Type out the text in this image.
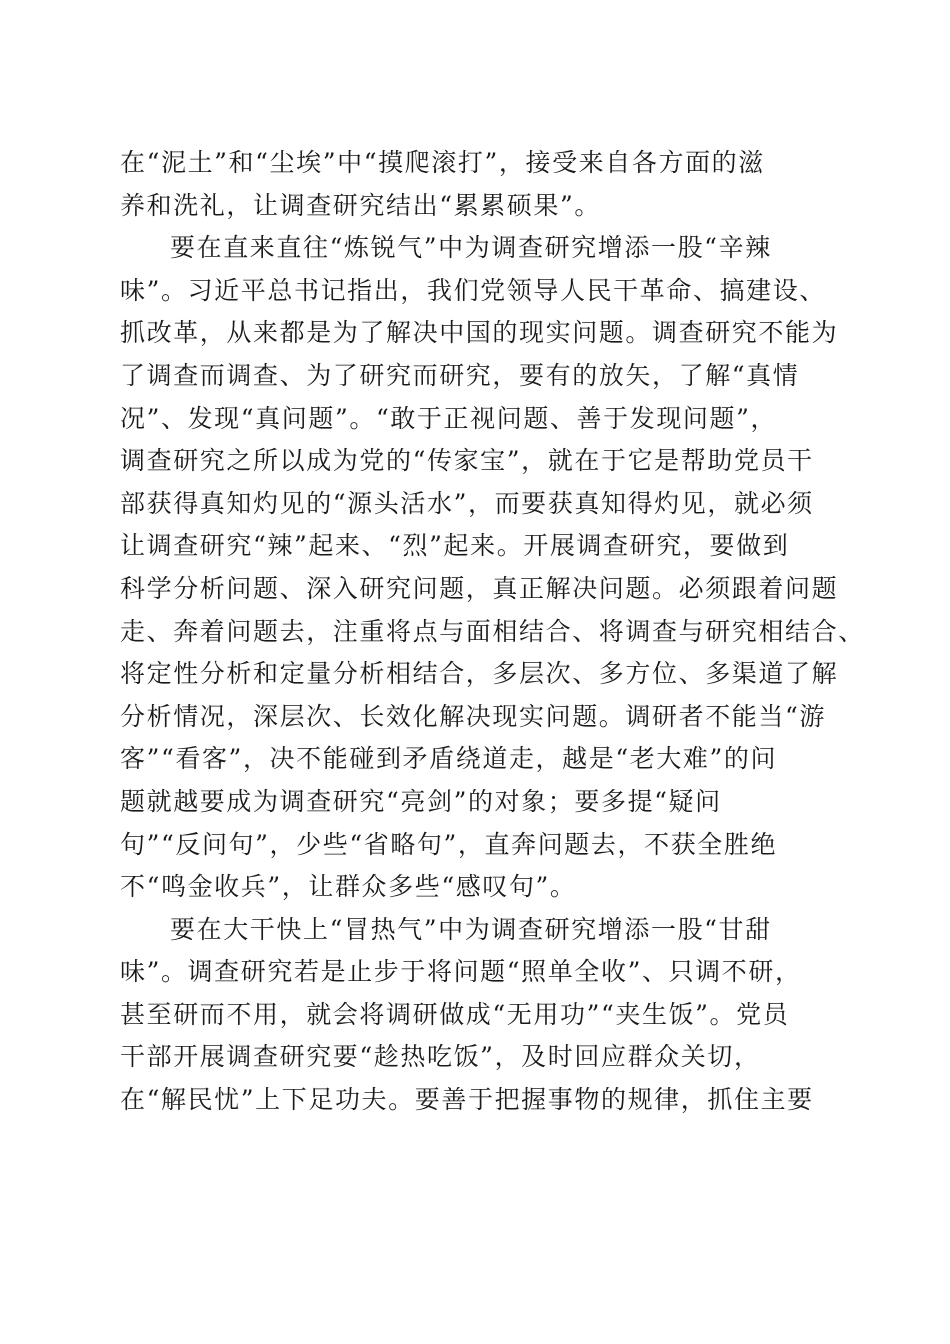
在“泥土”和“尘埃”中“摸爬滚打”，接受来自各方面的滋
养和洗礼，让调查研究结出“累累硕果”。
要在直来直往“炼锐气”中为调查研究增添一股“辛辣
味”。习近平总书记指出，我们党领导人民干革命、搞建设、
抓改革，从来都是为了解决中国的现实问题。调查研究不能为
了调查而调查、为了研究而研究，要有的放矢，了解“真情
况”、发现“真问题”。“敢于正视问题、善于发现问题”，
调查研究之所以成为党的“传家宝”，就在于它是帮助党员干
部获得真知灼见的“源头活水”，而要获真知得灼见，就必须
让调查研究“辣”起来、“烈”起来。开展调查研究，要做到
科学分析问题、深入研究问题，真正解决问题。必须跟着问题
走、奔着问题去，注重将点与面相结合、将调查与研究相结合、
将定性分析和定量分析相结合，多层次、多方位、多渠道了解
分析情况，深层次、长效化解决现实问题。调研者不能当“游
客”“看客”，决不能碰到矛盾绕道走，越是“老大难”的问
题就越要成为调查研究“亮剑”的对象；要多提“疑问
句”“反问句”，少些“省略句”，直奔问题去，不获全胜绝
不“鸣金收兵”，让群众多些“感叹句”。
要在大干快上“冒热气”中为调查研究增添一股“甘甜
味”。调查研究若是止步于将问题“照单全收”、只调不研，
甚至研而不用，就会将调研做成“无用功”“夹生饭”。党员
干部开展调查研究要“趁热吃饭”，及时回应群众关切，
在“解民忧”上下足功夫。要善于把握事物的规律，抓住主要
